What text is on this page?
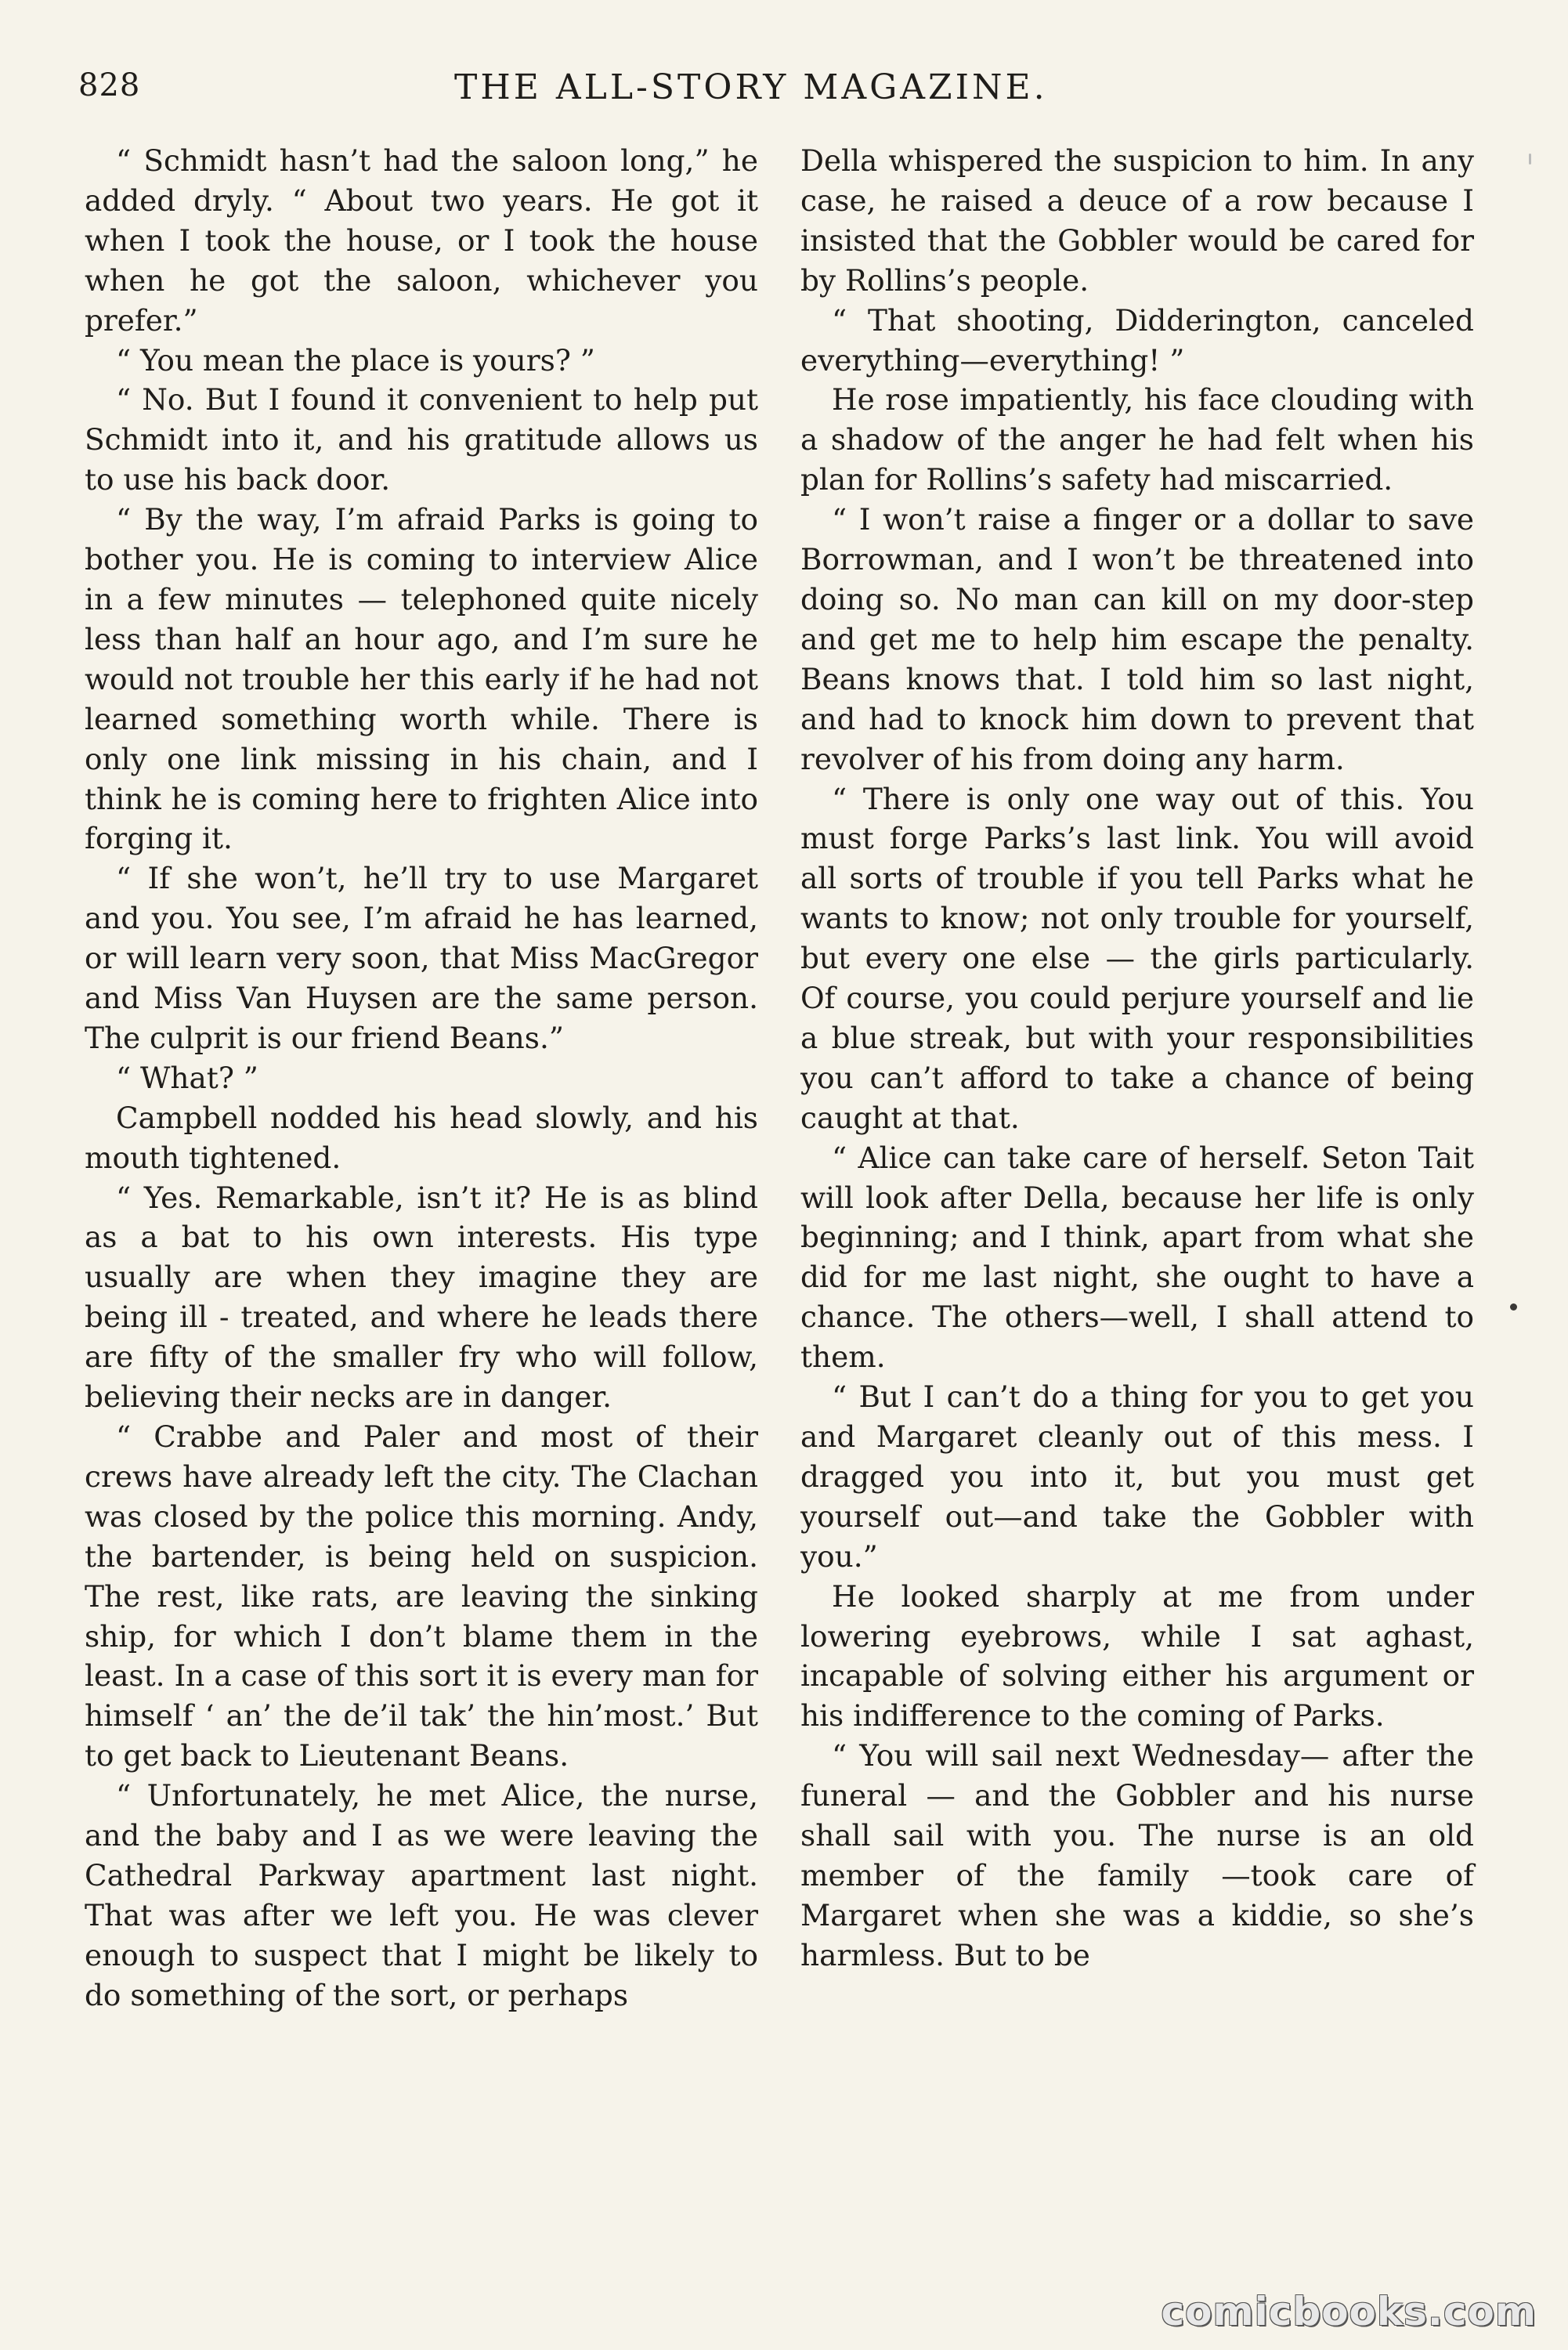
828	THE ALL-STORY MAGAZINE.

“ Schmidt hasn’t had the saloon long,” he added dryly. “ About two years. He got it when I took the house, or I took the house when he got the saloon, whichever you prefer.”

“ You mean the place is yours? ”

“ No. But I found it convenient to help put Schmidt into it, and his gratitude allows us to use his back door.

“ By the way, I’m afraid Parks is going to bother you. He is coming to interview Alice in a few minutes — telephoned quite nicely less than half an hour ago, and I’m sure he would not trouble her this early if he had not learned something worth while. There is only one link missing in his chain, and I think he is coming here to frighten Alice into forging it.

“ If she won’t, he’ll try to use Margaret and you. You see, I’m afraid he has learned, or will learn very soon, that Miss MacGregor and Miss Van Huysen are the same person. The culprit is our friend Beans.”

“ What? ”

Campbell nodded his head slowly, and his mouth tightened.

“ Yes. Remarkable, isn’t it? He is as blind as a bat to his own interests. His type usually are when they imagine they are being ill - treated, and where he leads there are fifty of the smaller fry who will follow, believing their necks are in danger.

“ Crabbe and Paler and most of their crews have already left the city. The Clachan was closed by the police this morning. Andy, the bartender, is being held on suspicion. The rest, like rats, are leaving the sinking ship, for which I don’t blame them in the least. In a case of this sort it is every man for himself ‘ an’ the de’il tak’ the hin’most.’ But to get back to Lieutenant Beans.

“ Unfortunately, he met Alice, the nurse, and the baby and I as we were leaving the Cathedral Parkway apartment last night. That was after we left you. He was clever enough to suspect that I might be likely to do something of the sort, or perhaps

Della whispered the suspicion to him. In any case, he raised a deuce of a row because I insisted that the Gobbler would be cared for by Rollins’s people.

“ That shooting, Didderington, canceled everything—everything! ”

He rose impatiently, his face clouding with a shadow of the anger he had felt when his plan for Rollins’s safety had miscarried.

“ I won’t raise a finger or a dollar to save Borrowman, and I won’t be threatened into doing so. No man can kill on my door-step and get me to help him escape the penalty. Beans knows that. I told him so last night, and had to knock him down to prevent that revolver of his from doing any harm.

“ There is only one way out of this. You must forge Parks’s last link. You will avoid all sorts of trouble if you tell Parks what he wants to know; not only trouble for yourself, but every one else — the girls particularly. Of course, you could perjure yourself and lie a blue streak, but with your responsibilities you can’t afford to take a chance of being caught at that.

“ Alice can take care of herself. Seton Tait will look after Della, because her life is only beginning; and I think, apart from what she did for me last night, she ought to have a chance. The others—well, I shall attend to them.

“ But I can’t do a thing for you to get you and Margaret cleanly out of this mess. I dragged you into it, but you must get yourself out—and take the Gobbler with you.”

He looked sharply at me from under lowering eyebrows, while I sat aghast, incapable of solving either his argument or his indifference to the coming of Parks.

“ You will sail next Wednesday— after the funeral — and the Gobbler and his nurse shall sail with you. The nurse is an old member of the family —took care of Margaret when she was a kiddie, so she’s harmless. But to be

comicbooks.com
